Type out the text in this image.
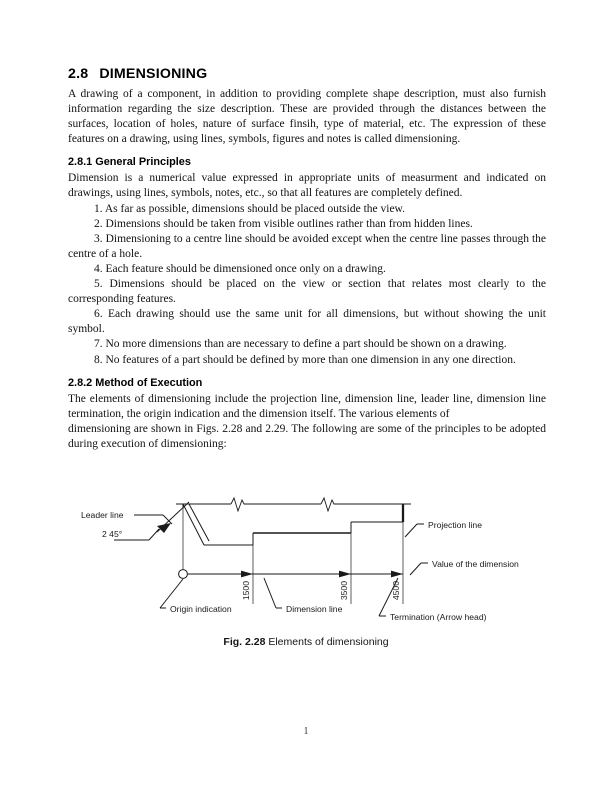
2.8 DIMENSIONING

A drawing of a component, in addition to providing complete shape description, must also furnish information regarding the size description. These are provided through the distances between the surfaces, location of holes, nature of surface finsih, type of material, etc. The expression of these features on a drawing, using lines, symbols, figures and notes is called dimensioning.

2.8.1 General Principles

Dimension is a numerical value expressed in appropriate units of measurment and indicated on drawings, using lines, symbols, notes, etc., so that all features are completely defined.

1. As far as possible, dimensions should be placed outside the view.

2. Dimensions should be taken from visible outlines rather than from hidden lines.

3. Dimensioning to a centre line should be avoided except when the centre line passes through the centre of a hole.

4. Each feature should be dimensioned once only on a drawing.

5. Dimensions should be placed on the view or section that relates most clearly to the corresponding features.

6. Each drawing should use the same unit for all dimensions, but without showing the unit symbol.

7. No more dimensions than are necessary to define a part should be shown on a drawing.

8. No features of a part should be defined by more than one dimension in any one direction.

2.8.2 Method of Execution

The elements of dimensioning include the projection line, dimension line, leader line, dimension line termination, the origin indication and the dimension itself. The various elements of

dimensioning are shown in Figs. 2.28 and 2.29. The following are some of the principles to be adopted during execution of dimensioning:

Leader line
2 45°
Origin indication	Dimension line
Termination (Arrow head)
Projection line
Value of the dimension
1500	3500	4500
Fig. 2.28 Elements of dimensioning
1
